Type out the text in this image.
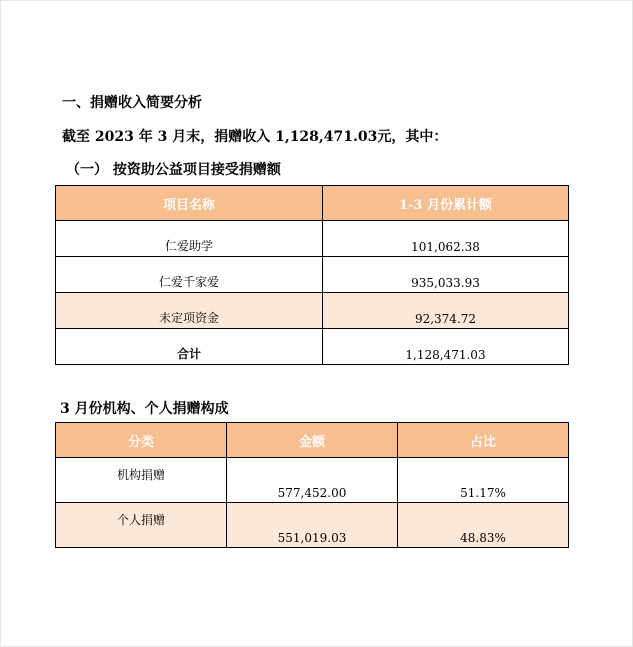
一、捐赠收入简要分析
截至 2023 年 3 月末，捐赠收入 1,128,471.03元，其中：
（一） 按资助公益项目接受捐赠额
项目名称	1-3 月份累计额
仁爱助学	101,062.38
仁爱千家爱	935,033.93
未定项资金	92,374.72
合计	1,128,471.03
3 月份机构、个人捐赠构成
分类	金额	占比
机构捐赠	577,452.00	51.17%
个人捐赠	551,019.03	48.83%
